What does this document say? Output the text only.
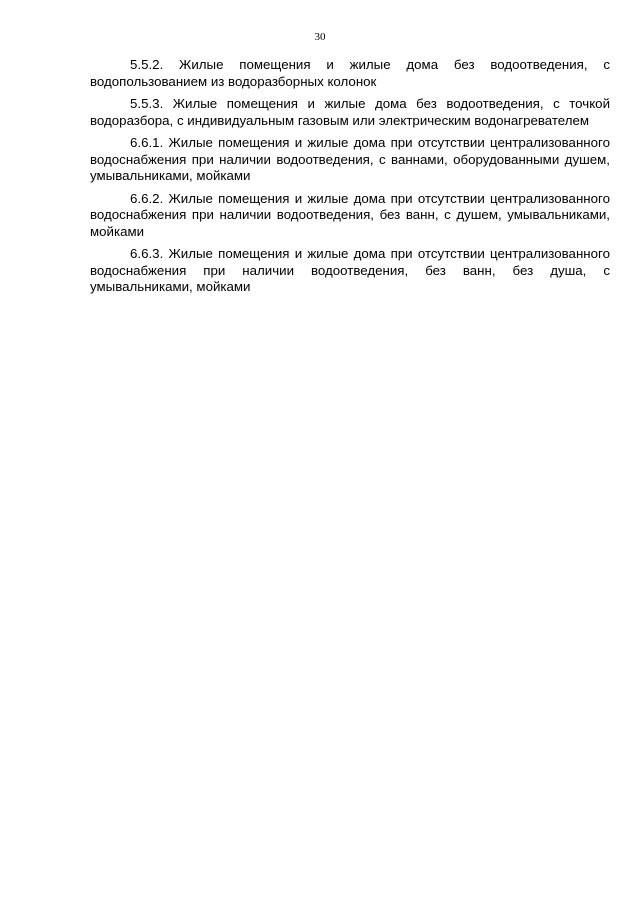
30

5.5.2. Жилые помещения и жилые дома без водоотведения, с водопользованием из водоразборных колонок

5.5.3. Жилые помещения и жилые дома без водоотведения, с точкой водоразбора, с индивидуальным газовым или электрическим водонагревателем

6.6.1. Жилые помещения и жилые дома при отсутствии централизованного водоснабжения при наличии водоотведения, с ваннами, оборудованными душем, умывальниками, мойками

6.6.2. Жилые помещения и жилые дома при отсутствии централизованного водоснабжения при наличии водоотведения, без ванн, с душем, умывальниками, мойками

6.6.3. Жилые помещения и жилые дома при отсутствии централизованного водоснабжения при наличии водоотведения, без ванн, без душа, с умывальниками, мойками
